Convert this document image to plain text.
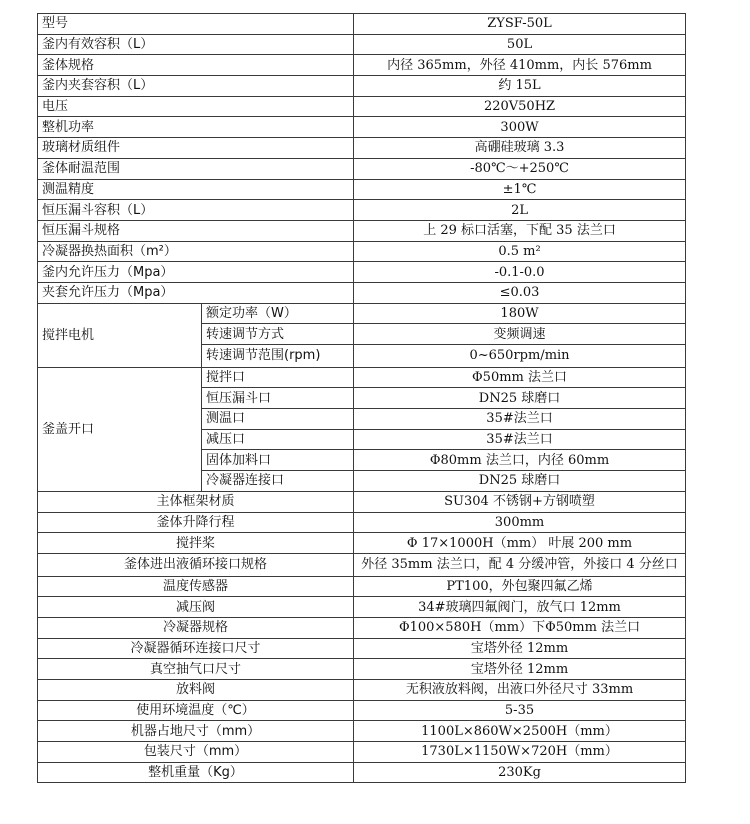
型号		ZYSF-50L
釜内有效容积（L）		50L
釜体规格		内径 365mm，外径 410mm，内长 576mm
釜内夹套容积（L）		约 15L
电压		220V50HZ
整机功率		300W
玻璃材质组件		高硼硅玻璃 3.3
釜体耐温范围		-80℃～+250℃
测温精度		±1℃
恒压漏斗容积（L）		2L
恒压漏斗规格		上 29 标口活塞，下配 35 法兰口
冷凝器换热面积（m²）		0.5 m²
釜内允许压力（Mpa）		-0.1-0.0
夹套允许压力（Mpa）		≤0.03
搅拌电机	额定功率（W）	180W
	转速调节方式	变频调速
	转速调节范围(rpm)	0~650rpm/min
釜盖开口	搅拌口	Φ50mm 法兰口
	恒压漏斗口	DN25 球磨口
	测温口	35#法兰口
	减压口	35#法兰口
	固体加料口	Φ80mm 法兰口，内径 60mm
	冷凝器连接口	DN25 球磨口
主体框架材质		SU304 不锈钢+方钢喷塑
釜体升降行程		300mm
搅拌桨		Φ 17×1000H（mm） 叶展 200 mm
釜体进出液循环接口规格		外径 35mm 法兰口，配 4 分缓冲管，外接口 4 分丝口
温度传感器		PT100，外包聚四氟乙烯
减压阀		34#玻璃四氟阀门，放气口 12mm
冷凝器规格		Φ100×580H（mm）下Φ50mm 法兰口
冷凝器循环连接口尺寸		宝塔外径 12mm
真空抽气口尺寸		宝塔外径 12mm
放料阀		无积液放料阀，出液口外径尺寸 33mm
使用环境温度（℃）		5-35
机器占地尺寸（mm）		1100L×860W×2500H（mm）
包装尺寸（mm）		1730L×1150W×720H（mm）
整机重量（Kg）		230Kg
